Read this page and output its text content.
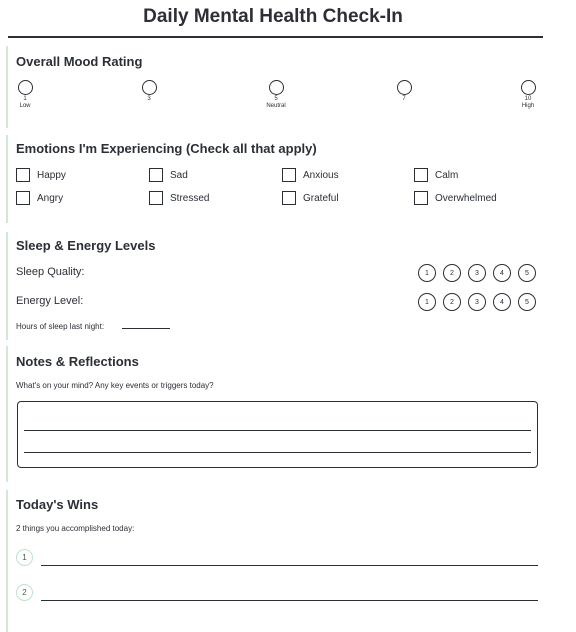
Daily Mental Health Check-In
Overall Mood Rating
1
Low
3	5
Neutral
7	10
High
Emotions I'm Experiencing (Check all that apply)
Happy	Sad	Anxious	Calm
Angry	Stressed	Grateful	Overwhelmed
Sleep & Energy Levels
Sleep Quality:	1	2	3	4	5
Energy Level:	1	2	3	4	5
Hours of sleep last night:
Notes & Reflections
What's on your mind? Any key events or triggers today?
Today's Wins
2 things you accomplished today:
1
2
